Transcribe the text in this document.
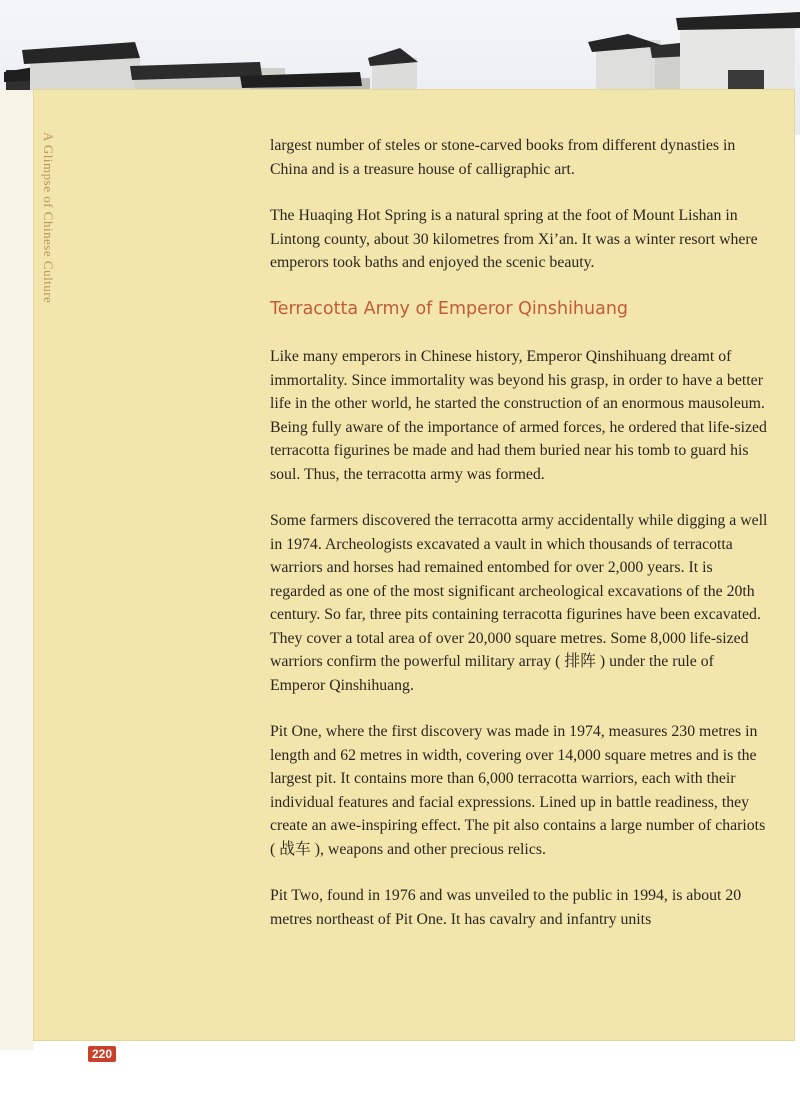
A Glimpse of Chinese Culture	largest number of steles or stone-carved books from different dynasties in China and is a treasure house of calligraphic art.

The Huaqing Hot Spring is a natural spring at the foot of Mount Lishan in Lintong county, about 30 kilometres from Xi’an. It was a winter resort where emperors took baths and enjoyed the scenic beauty.

Terracotta Army of Emperor Qinshihuang

Like many emperors in Chinese history, Emperor Qinshihuang dreamt of immortality. Since immortality was beyond his grasp, in order to have a better life in the other world, he started the construction of an enormous mausoleum. Being fully aware of the importance of armed forces, he ordered that life-sized terracotta figurines be made and had them buried near his tomb to guard his soul. Thus, the terracotta army was formed.

Some farmers discovered the terracotta army accidentally while digging a well in 1974. Archeologists excavated a vault in which thousands of terracotta warriors and horses had remained entombed for over 2,000 years. It is regarded as one of the most significant archeological excavations of the 20th century. So far, three pits containing terracotta figurines have been excavated. They cover a total area of over 20,000 square metres. Some 8,000 life-sized warriors confirm the powerful military array ( 排阵 ) under the rule of Emperor Qinshihuang.

Pit One, where the first discovery was made in 1974, measures 230 metres in length and 62 metres in width, covering over 14,000 square metres and is the largest pit. It contains more than 6,000 terracotta warriors, each with their individual features and facial expressions. Lined up in battle readiness, they create an awe-inspiring effect. The pit also contains a large number of chariots ( 战车 ), weapons and other precious relics.

Pit Two, found in 1976 and was unveiled to the public in 1994, is about 20 metres northeast of Pit One. It has cavalry and infantry units

220
